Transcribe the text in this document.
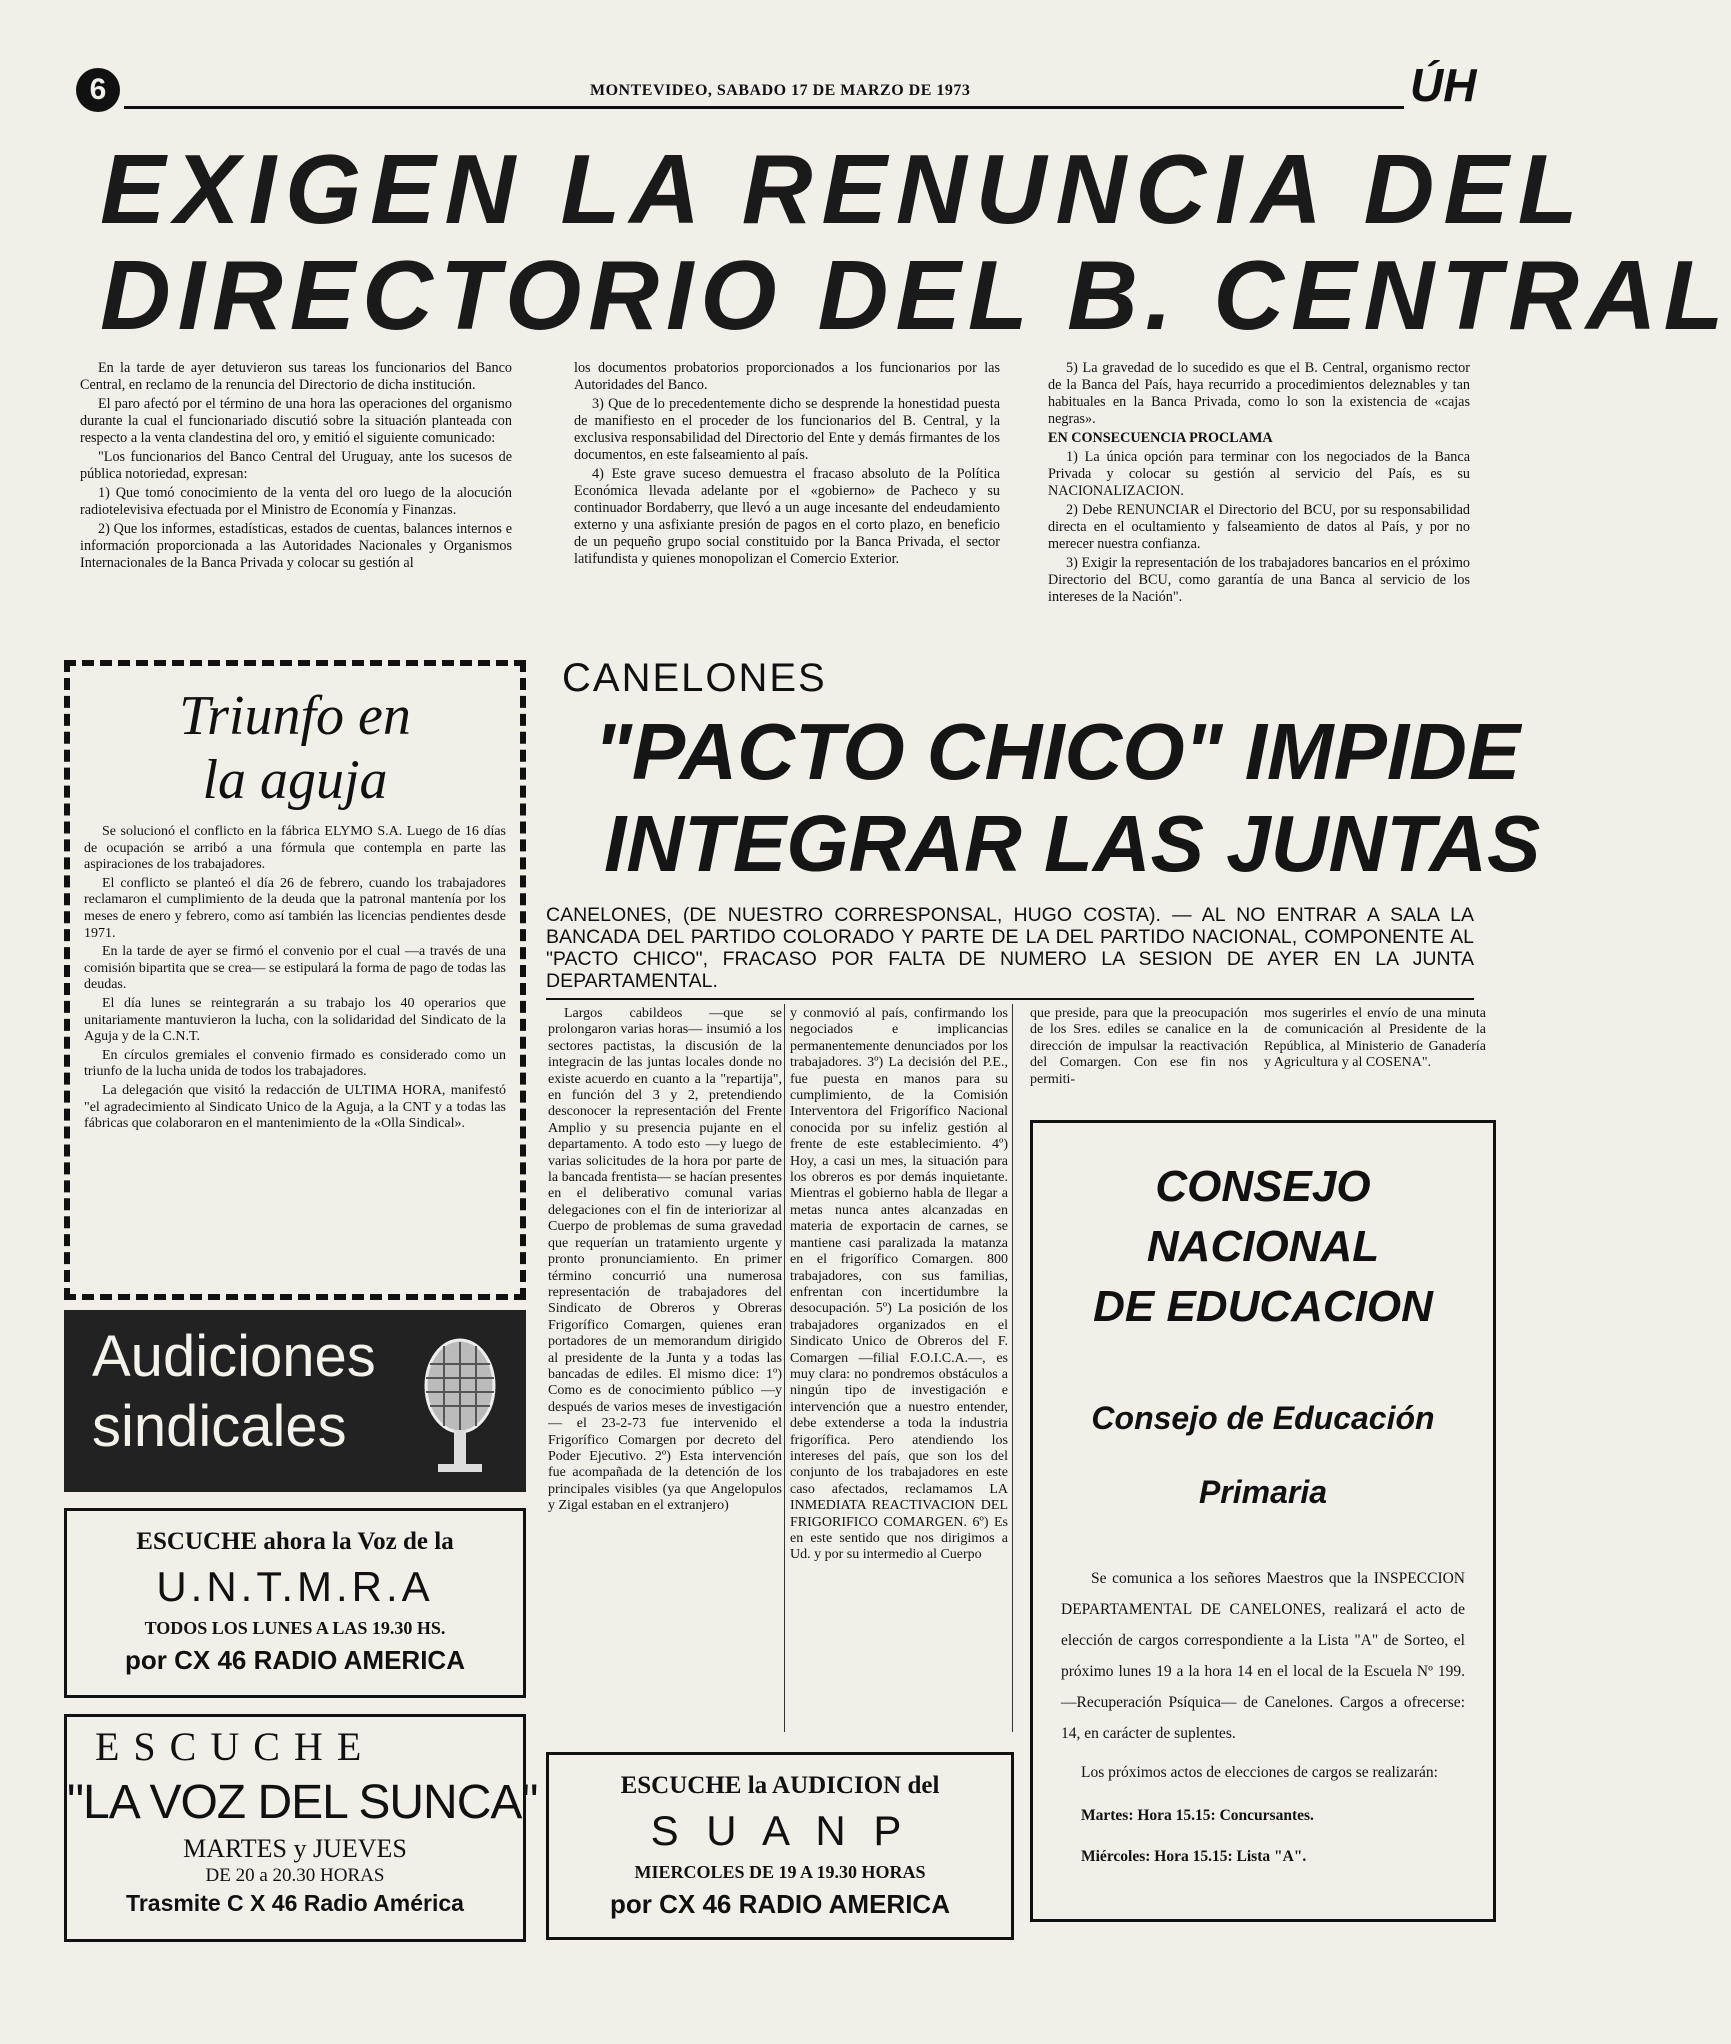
6	MONTEVIDEO, SABADO 17 DE MARZO DE 1973	ÚH
EXIGEN LA RENUNCIA DEL
DIRECTORIO DEL B. CENTRAL

En la tarde de ayer detuvieron sus tareas los funcionarios del Banco Central, en reclamo de la renuncia del Directorio de dicha institución.

El paro afectó por el término de una hora las operaciones del organismo durante la cual el funcionariado discutió sobre la situación planteada con respecto a la venta clandestina del oro, y emitió el siguiente comunicado:

"Los funcionarios del Banco Central del Uruguay, ante los sucesos de pública notoriedad, expresan:

1) Que tomó conocimiento de la venta del oro luego de la alocución radiotelevisiva efectuada por el Ministro de Economía y Finanzas.

2) Que los informes, estadísticas, estados de cuentas, balances internos e información proporcionada a las Autoridades Nacionales y Organismos Internacionales de la Banca Privada y colocar su gestión al

los documentos probatorios proporcionados a los funcionarios por las Autoridades del Banco.

3) Que de lo precedentemente dicho se desprende la honestidad puesta de manifiesto en el proceder de los funcionarios del B. Central, y la exclusiva responsabilidad del Directorio del Ente y demás firmantes de los documentos, en este falseamiento al país.

4) Este grave suceso demuestra el fracaso absoluto de la Política Económica llevada adelante por el «gobierno» de Pacheco y su continuador Bordaberry, que llevó a un auge incesante del endeudamiento externo y una asfixiante presión de pagos en el corto plazo, en beneficio de un pequeño grupo social constituido por la Banca Privada, el sector latifundista y quienes monopolizan el Comercio Exterior.

5) La gravedad de lo sucedido es que el B. Central, organismo rector de la Banca del País, haya recurrido a procedimientos deleznables y tan habituales en la Banca Privada, como lo son la existencia de «cajas negras».

EN CONSECUENCIA PROCLAMA

1) La única opción para terminar con los negociados de la Banca Privada y colocar su gestión al servicio del País, es su NACIONALIZACION.

2) Debe RENUNCIAR el Directorio del BCU, por su responsabilidad directa en el ocultamiento y falseamiento de datos al País, y por no merecer nuestra confianza.

3) Exigir la representación de los trabajadores bancarios en el próximo Directorio del BCU, como garantía de una Banca al servicio de los intereses de la Nación".

Triunfo en
la aguja

Se solucionó el conflicto en la fábrica ELYMO S.A. Luego de 16 días de ocupación se arribó a una fórmula que contempla en parte las aspiraciones de los trabajadores.

El conflicto se planteó el día 26 de febrero, cuando los trabajadores reclamaron el cumplimiento de la deuda que la patronal mantenía por los meses de enero y febrero, como así también las licencias pendientes desde 1971.

En la tarde de ayer se firmó el convenio por el cual —a través de una comisión bipartita que se crea— se estipulará la forma de pago de todas las deudas.

El día lunes se reintegrarán a su trabajo los 40 operarios que unitariamente mantuvieron la lucha, con la solidaridad del Sindicato de la Aguja y de la C.N.T.

En círculos gremiales el convenio firmado es considerado como un triunfo de la lucha unida de todos los trabajadores.

La delegación que visitó la redacción de ULTIMA HORA, manifestó "el agradecimiento al Sindicato Unico de la Aguja, a la CNT y a todas las fábricas que colaboraron en el mantenimiento de la «Olla Sindical».

Audiciones
sindicales
ESCUCHE ahora la Voz de la
U.N.T.M.R.A
TODOS LOS LUNES A LAS 19.30 HS.
por CX 46 RADIO AMERICA
ESCUCHE
"LA VOZ DEL SUNCA"
MARTES y JUEVES
DE 20 a 20.30 HORAS
Trasmite C X 46 Radio América
CANELONES
"PACTO CHICO" IMPIDE
INTEGRAR LAS JUNTAS
CANELONES, (DE NUESTRO CORRESPONSAL, HUGO COSTA). — AL NO ENTRAR A SALA LA BANCADA DEL PARTIDO COLORADO Y PARTE DE LA DEL PARTIDO NACIONAL, COMPONENTE AL "PACTO CHICO", FRACASO POR FALTA DE NUMERO LA SESION DE AYER EN LA JUNTA DEPARTAMENTAL.
Largos cabildeos —que se prolongaron varias horas— insumió a los sectores pactistas, la discusión de la integracin de las juntas locales donde no existe acuerdo en cuanto a la "repartija", en función del 3 y 2, pretendiendo desconocer la representación del Frente Amplio y su presencia pujante en el departamento. A todo esto —y luego de varias solicitudes de la hora por parte de la bancada frentista— se hacían presentes en el deliberativo comunal varias delegaciones con el fin de interiorizar al Cuerpo de problemas de suma gravedad que requerían un tratamiento urgente y pronto pronunciamiento. En primer término concurrió una numerosa representación de trabajadores del Sindicato de Obreros y Obreras Frigorífico Comargen, quienes eran portadores de un memorandum dirigido al presidente de la Junta y a todas las bancadas de ediles. El mismo dice: 1º) Como es de conocimiento público —y después de varios meses de investigación— el 23-2-73 fue intervenido el Frigorífico Comargen por decreto del Poder Ejecutivo. 2º) Esta intervención fue acompañada de la detención de los principales visibles (ya que Angelopulos y Zigal estaban en el extranjero)
y conmovió al país, confirmando los negociados e implicancias permanentemente denunciados por los trabajadores. 3º) La decisión del P.E., fue puesta en manos para su cumplimiento, de la Comisión Interventora del Frigorífico Nacional conocida por su infeliz gestión al frente de este establecimiento. 4º) Hoy, a casi un mes, la situación para los obreros es por demás inquietante. Mientras el gobierno habla de llegar a metas nunca antes alcanzadas en materia de exportacin de carnes, se mantiene casi paralizada la matanza en el frigorífico Comargen. 800 trabajadores, con sus familias, enfrentan con incertidumbre la desocupación. 5º) La posición de los trabajadores organizados en el Sindicato Unico de Obreros del F. Comargen —filial F.O.I.C.A.—, es muy clara: no pondremos obstáculos a ningún tipo de investigación e intervención que a nuestro entender, debe extenderse a toda la industria frigorífica. Pero atendiendo los intereses del país, que son los del conjunto de los trabajadores en este caso afectados, reclamamos LA INMEDIATA REACTIVACION DEL FRIGORIFICO COMARGEN. 6º) Es en este sentido que nos dirigimos a Ud. y por su intermedio al Cuerpo
que preside, para que la preocupación de los Sres. ediles se canalice en la dirección de impulsar la reactivación del Comargen. Con ese fin nos permiti-
mos sugerirles el envío de una minuta de comunicación al Presidente de la República, al Ministerio de Ganadería y Agricultura y al COSENA".
ESCUCHE la AUDICION del
S U A N P
MIERCOLES DE 19 A 19.30 HORAS
por CX 46 RADIO AMERICA
CONSEJO NACIONAL
DE EDUCACION
Consejo de Educación
Primaria
Se comunica a los señores Maestros que la INSPECCION DEPARTAMENTAL DE CANELONES, realizará el acto de elección de cargos correspondiente a la Lista "A" de Sorteo, el próximo lunes 19 a la hora 14 en el local de la Escuela Nº 199. —Recuperación Psíquica— de Canelones. Cargos a ofrecerse: 14, en carácter de suplentes.
Los próximos actos de elecciones de cargos se realizarán:
Martes: Hora 15.15: Concursantes.
Miércoles: Hora 15.15: Lista "A".
